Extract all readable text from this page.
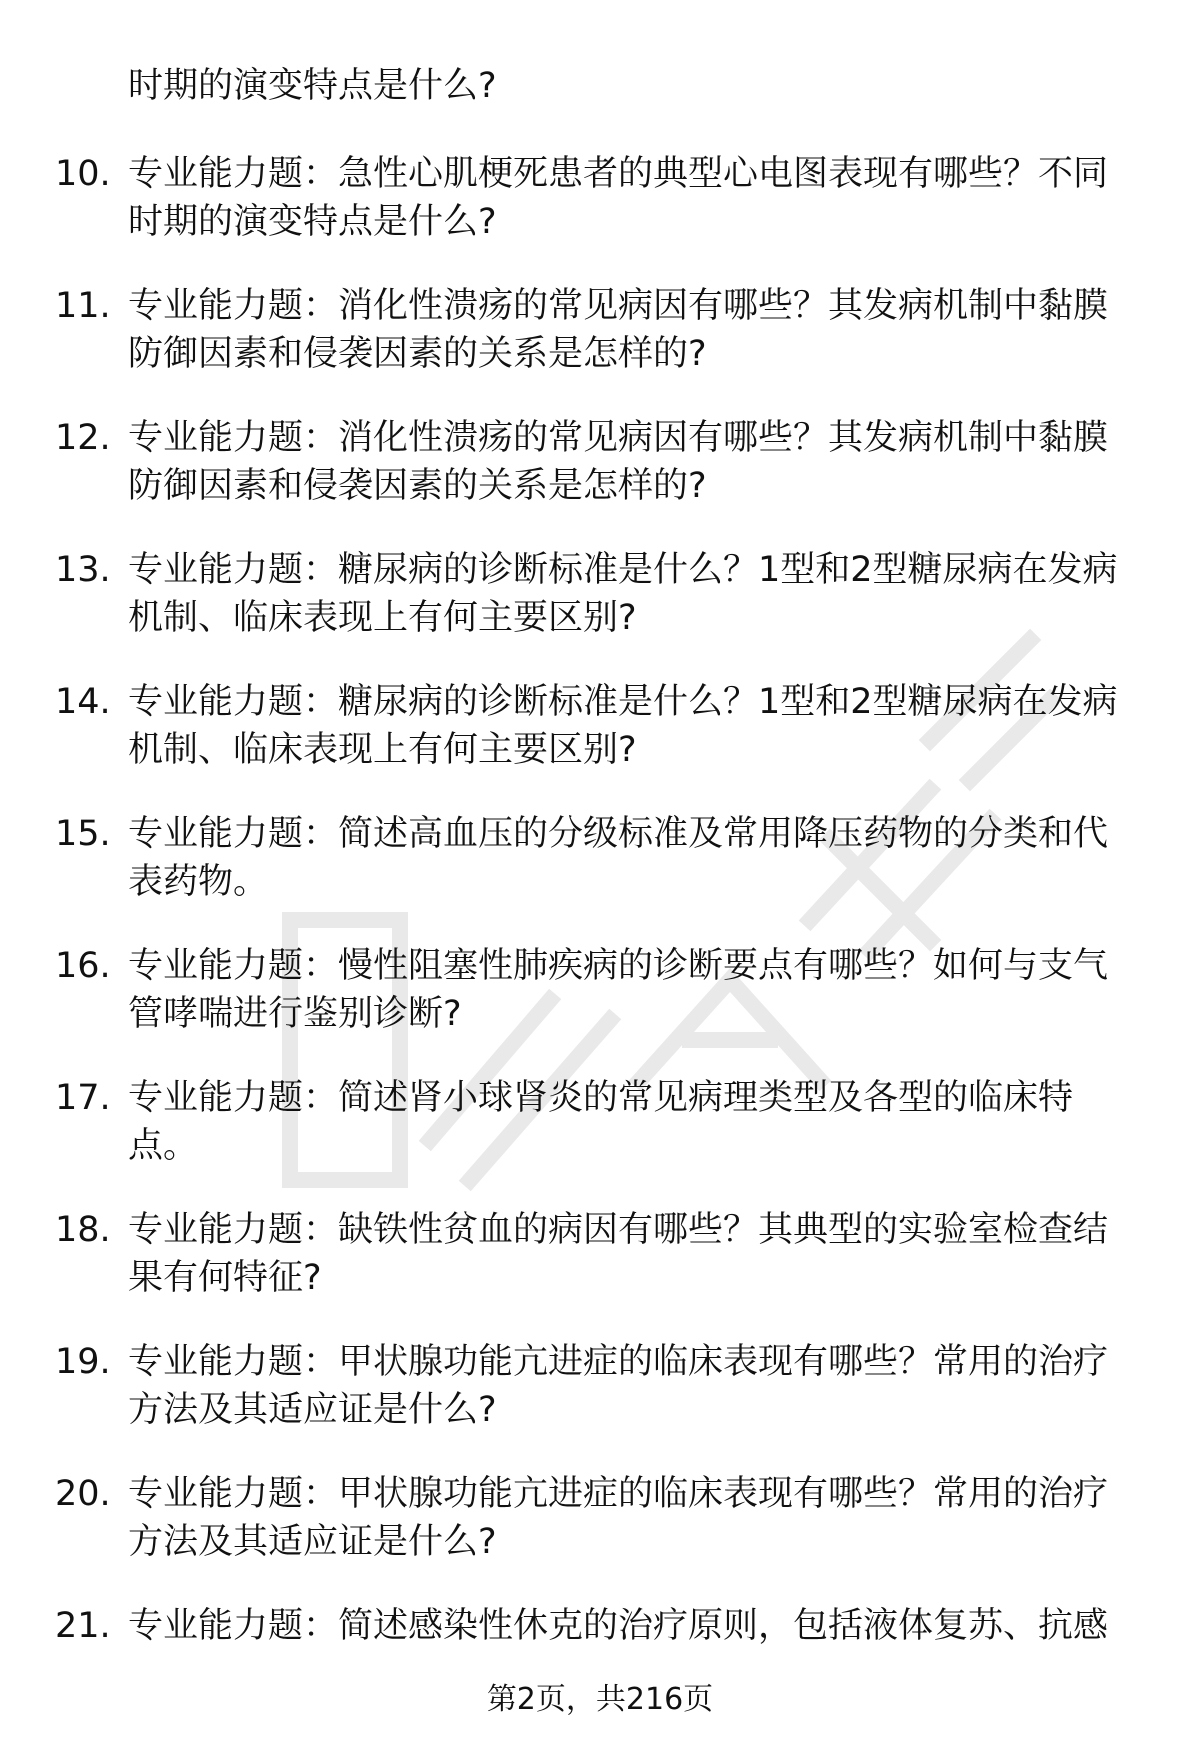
时期的演变特点是什么?

10. 专业能力题：急性心肌梗死患者的典型心电图表现有哪些？不同时期的演变特点是什么?

11. 专业能力题：消化性溃疡的常见病因有哪些？其发病机制中黏膜防御因素和侵袭因素的关系是怎样的?

12. 专业能力题：消化性溃疡的常见病因有哪些？其发病机制中黏膜防御因素和侵袭因素的关系是怎样的?

13. 专业能力题：糖尿病的诊断标准是什么？1型和2型糖尿病在发病机制、临床表现上有何主要区别?

14. 专业能力题：糖尿病的诊断标准是什么？1型和2型糖尿病在发病机制、临床表现上有何主要区别?

15. 专业能力题：简述高血压的分级标准及常用降压药物的分类和代表药物。

16. 专业能力题：慢性阻塞性肺疾病的诊断要点有哪些？如何与支气管哮喘进行鉴别诊断?

17. 专业能力题：简述肾小球肾炎的常见病理类型及各型的临床特点。

18. 专业能力题：缺铁性贫血的病因有哪些？其典型的实验室检查结果有何特征?

19. 专业能力题：甲状腺功能亢进症的临床表现有哪些？常用的治疗方法及其适应证是什么?

20. 专业能力题：甲状腺功能亢进症的临床表现有哪些？常用的治疗方法及其适应证是什么?

21. 专业能力题：简述感染性休克的治疗原则，包括液体复苏、抗感

第2页，共216页
